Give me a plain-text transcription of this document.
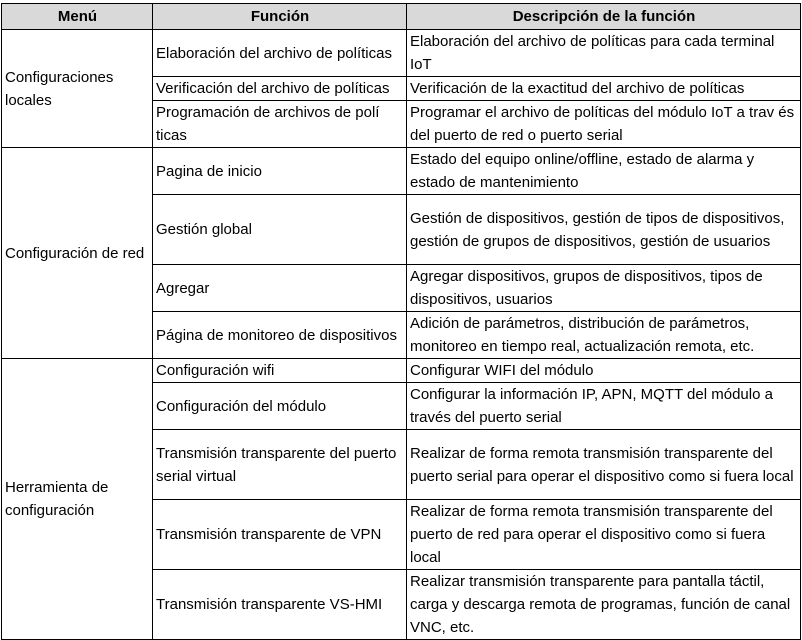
Menú	Función	Descripción de la función
Configuraciones locales	Elaboración del archivo de políticas	Elaboración del archivo de políticas para cada terminal IoT
	Verificación del archivo de políticas	Verificación de la exactitud del archivo de políticas
	Programación de archivos de polí ticas	Programar el archivo de políticas del módulo IoT a trav és del puerto de red o puerto serial
Configuración de red	Pagina de inicio	Estado del equipo online/offline, estado de alarma y estado de mantenimiento
	Gestión global	Gestión de dispositivos, gestión de tipos de dispositivos, gestión de grupos de dispositivos, gestión de usuarios
	Agregar	Agregar dispositivos, grupos de dispositivos, tipos de dispositivos, usuarios
	Página de monitoreo de dispositivos	Adición de parámetros, distribución de parámetros, monitoreo en tiempo real, actualización remota, etc.
Herramienta de configuración	Configuración wifi	Configurar WIFI del módulo
	Configuración del módulo	Configurar la información IP, APN, MQTT del módulo a través del puerto serial
	Transmisión transparente del puerto serial virtual	Realizar de forma remota transmisión transparente del puerto serial para operar el dispositivo como si fuera local
	Transmisión transparente de VPN	Realizar de forma remota transmisión transparente del puerto de red para operar el dispositivo como si fuera local
	Transmisión transparente VS-HMI	Realizar transmisión transparente para pantalla táctil, carga y descarga remota de programas, función de canal VNC, etc.
